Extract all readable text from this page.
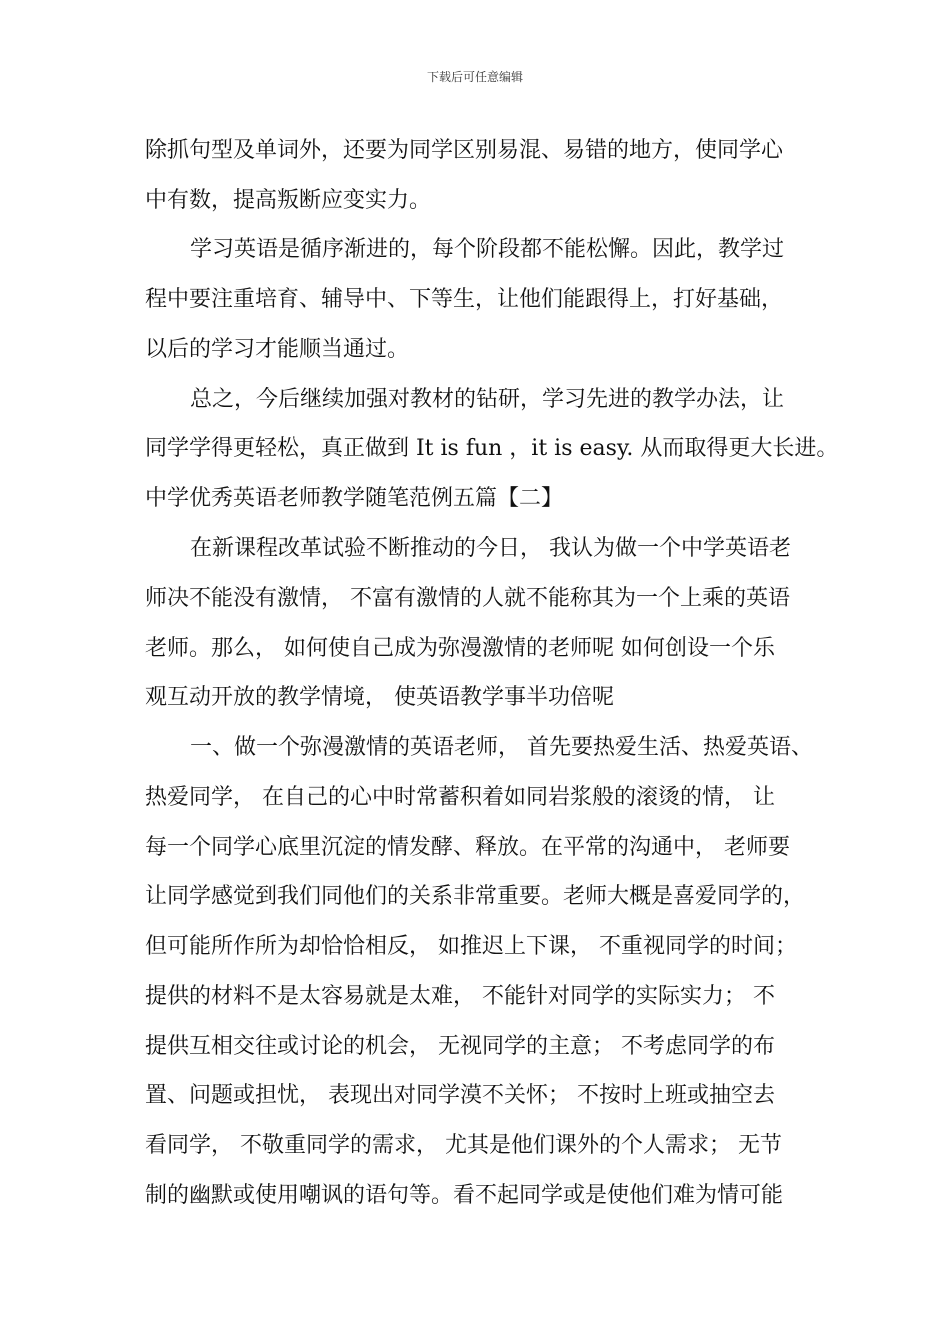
下载后可任意编辑
除抓句型及单词外，还要为同学区别易混、易错的地方，使同学心
中有数，提高叛断应变实力。
学习英语是循序渐进的，每个阶段都不能松懈。因此，教学过
程中要注重培育、辅导中、下等生，让他们能跟得上，打好基础，
以后的学习才能顺当通过。
总之，今后继续加强对教材的钻研，学习先进的教学办法，让
同学学得更轻松，真正做到 It is fun ，it is easy. 从而取得更大长进。
中学优秀英语老师教学随笔范例五篇【二】
在新课程改革试验不断推动的今日， 我认为做一个中学英语老
师决不能没有激情， 不富有激情的人就不能称其为一个上乘的英语
老师。那么， 如何使自己成为弥漫激情的老师呢 如何创设一个乐
观互动开放的教学情境， 使英语教学事半功倍呢
一、做一个弥漫激情的英语老师， 首先要热爱生活、热爱英语、
热爱同学， 在自己的心中时常蓄积着如同岩浆般的滚烫的情， 让
每一个同学心底里沉淀的情发酵、释放。在平常的沟通中， 老师要
让同学感觉到我们同他们的关系非常重要。老师大概是喜爱同学的，
但可能所作所为却恰恰相反， 如推迟上下课， 不重视同学的时间；
提供的材料不是太容易就是太难， 不能针对同学的实际实力； 不
提供互相交往或讨论的机会， 无视同学的主意； 不考虑同学的布
置、问题或担忧， 表现出对同学漠不关怀； 不按时上班或抽空去
看同学， 不敬重同学的需求， 尤其是他们课外的个人需求； 无节
制的幽默或使用嘲讽的语句等。看不起同学或是使他们难为情可能
